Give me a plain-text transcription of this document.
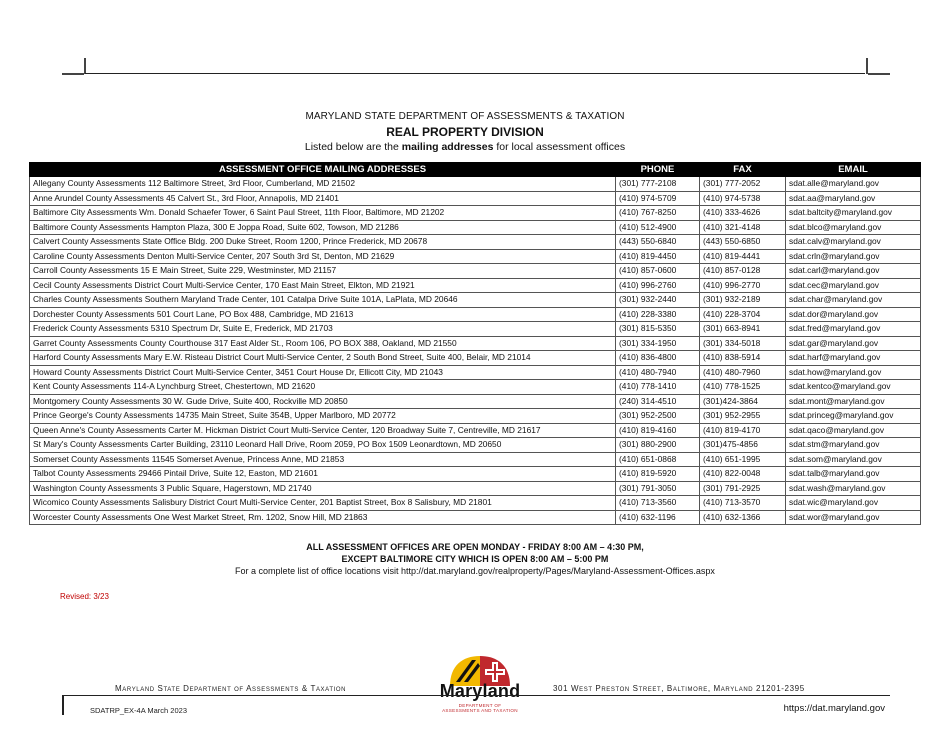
MARYLAND STATE DEPARTMENT OF ASSESSMENTS & TAXATION
REAL PROPERTY DIVISION
Listed below are the mailing addresses for local assessment offices
ASSESSMENT OFFICE MAILING ADDRESSES	PHONE	FAX	EMAIL
Allegany County Assessments 112 Baltimore Street, 3rd Floor, Cumberland, MD 21502	(301) 777-2108	(301) 777-2052	sdat.alle@maryland.gov
Anne Arundel County Assessments 45 Calvert St., 3rd Floor, Annapolis, MD 21401	(410) 974-5709	(410) 974-5738	sdat.aa@maryland.gov
Baltimore City Assessments Wm. Donald Schaefer Tower, 6 Saint Paul Street, 11th Floor, Baltimore, MD 21202	(410) 767-8250	(410) 333-4626	sdat.baltcity@maryland.gov
Baltimore County Assessments Hampton Plaza, 300 E Joppa Road, Suite 602, Towson, MD 21286	(410) 512-4900	(410) 321-4148	sdat.blco@maryland.gov
Calvert County Assessments State Office Bldg. 200 Duke Street, Room 1200, Prince Frederick, MD 20678	(443) 550-6840	(443) 550-6850	sdat.calv@maryland.gov
Caroline County Assessments Denton Multi-Service Center, 207 South 3rd St, Denton, MD 21629	(410) 819-4450	(410) 819-4441	sdat.crln@maryland.gov
Carroll County Assessments 15 E Main Street, Suite 229, Westminster, MD 21157	(410) 857-0600	(410) 857-0128	sdat.carl@maryland.gov
Cecil County Assessments District Court Multi-Service Center, 170 East Main Street, Elkton, MD 21921	(410) 996-2760	(410) 996-2770	sdat.cec@maryland.gov
Charles County Assessments Southern Maryland Trade Center, 101 Catalpa Drive Suite 101A, LaPlata, MD 20646	(301) 932-2440	(301) 932-2189	sdat.char@maryland.gov
Dorchester County Assessments 501 Court Lane, PO Box 488, Cambridge, MD 21613	(410) 228-3380	(410) 228-3704	sdat.dor@maryland.gov
Frederick County Assessments 5310 Spectrum Dr, Suite E, Frederick, MD 21703	(301) 815-5350	(301) 663-8941	sdat.fred@maryland.gov
Garret County Assessments County Courthouse 317 East Alder St., Room 106, PO BOX 388, Oakland, MD 21550	(301) 334-1950	(301) 334-5018	sdat.gar@maryland.gov
Harford County Assessments Mary E.W. Risteau District Court Multi-Service Center, 2 South Bond Street, Suite 400, Belair, MD 21014	(410) 836-4800	(410) 838-5914	sdat.harf@maryland.gov
Howard County Assessments District Court Multi-Service Center, 3451 Court House Dr, Ellicott City, MD 21043	(410) 480-7940	(410) 480-7960	sdat.how@maryland.gov
Kent County Assessments 114-A Lynchburg Street, Chestertown, MD 21620	(410) 778-1410	(410) 778-1525	sdat.kentco@maryland.gov
Montgomery County Assessments 30 W. Gude Drive, Suite 400, Rockville MD 20850	(240) 314-4510	(301)424-3864	sdat.mont@maryland.gov
Prince George's County Assessments 14735 Main Street, Suite 354B, Upper Marlboro, MD 20772	(301) 952-2500	(301) 952-2955	sdat.princeg@maryland.gov
Queen Anne's County Assessments Carter M. Hickman District Court Multi-Service Center, 120 Broadway Suite 7, Centreville, MD 21617	(410) 819-4160	(410) 819-4170	sdat.qaco@maryland.gov
St Mary's County Assessments Carter Building, 23110 Leonard Hall Drive, Room 2059, PO Box 1509 Leonardtown, MD 20650	(301) 880-2900	(301)475-4856	sdat.stm@maryland.gov
Somerset County Assessments 11545 Somerset Avenue, Princess Anne, MD 21853	(410) 651-0868	(410) 651-1995	sdat.som@maryland.gov
Talbot County Assessments 29466 Pintail Drive, Suite 12, Easton, MD 21601	(410) 819-5920	(410) 822-0048	sdat.talb@maryland.gov
Washington County Assessments 3 Public Square, Hagerstown, MD 21740	(301) 791-3050	(301) 791-2925	sdat.wash@maryland.gov
Wicomico County Assessments Salisbury District Court Multi-Service Center, 201 Baptist Street, Box 8 Salisbury, MD 21801	(410) 713-3560	(410) 713-3570	sdat.wic@maryland.gov
Worcester County Assessments One West Market Street, Rm. 1202, Snow Hill, MD 21863	(410) 632-1196	(410) 632-1366	sdat.wor@maryland.gov
ALL ASSESSMENT OFFICES ARE OPEN MONDAY - FRIDAY 8:00 AM – 4:30 PM,
EXCEPT BALTIMORE CITY WHICH IS OPEN 8:00 AM – 5:00 PM
For a complete list of office locations visit http://dat.maryland.gov/realproperty/Pages/Maryland-Assessment-Offices.aspx
Revised: 3/23
Maryland State Department of Assessments & Taxation	Maryland
DEPARTMENT OF
ASSESSMENTS AND TAXATION
301 West Preston Street, Baltimore, Maryland 21201-2395
SDATRP_EX-4A March 2023	https://dat.maryland.gov
